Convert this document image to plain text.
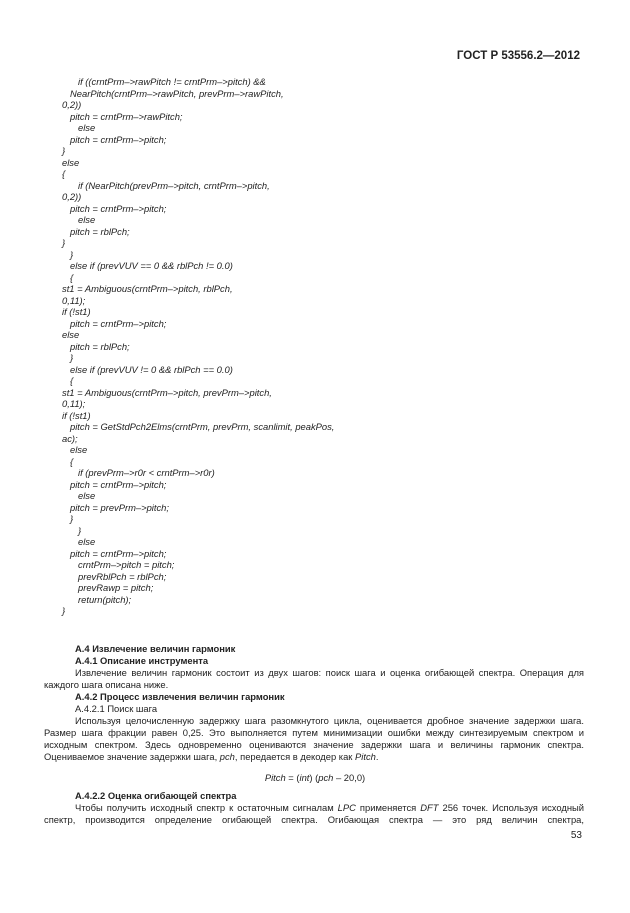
ГОСТ Р 53556.2—2012
if ((crntPrm–>rawPitch != crntPrm–>pitch) &&
NearPitch(crntPrm–>rawPitch, prevPrm–>rawPitch,
0,2))
pitch = crntPrm–>rawPitch;
else
pitch = crntPrm–>pitch;
}
else
{
if (NearPitch(prevPrm–>pitch, crntPrm–>pitch,
0,2))
pitch = crntPrm–>pitch;
else
pitch = rblPch;
}
}
else if (prevVUV == 0 && rblPch != 0.0)
{
st1 = Ambiguous(crntPrm–>pitch, rblPch,
0,11);
if (!st1)
pitch = crntPrm–>pitch;
else
pitch = rblPch;
}
else if (prevVUV != 0 && rblPch == 0.0)
{
st1 = Ambiguous(crntPrm–>pitch, prevPrm–>pitch,
0,11);
if (!st1)
pitch = GetStdPch2Elms(crntPrm, prevPrm, scanlimit, peakPos,
ac);
else
{
if (prevPrm–>r0r < crntPrm–>r0r)
pitch = crntPrm–>pitch;
else
pitch = prevPrm–>pitch;
}
}
else
pitch = crntPrm–>pitch;
crntPrm–>pitch = pitch;
prevRblPch = rblPch;
prevRawp = pitch;
return(pitch);
}
А.4 Извлечение величин гармоник
А.4.1 Описание инструмента
Извлечение величин гармоник состоит из двух шагов: поиск шага и оценка огибающей спектра. Операция для каждого шага описана ниже.
А.4.2 Процесс извлечения величин гармоник
А.4.2.1 Поиск шага
Используя целочисленную задержку шага разомкнутого цикла, оценивается дробное значение задержки шага. Размер шага фракции равен 0,25. Это выполняется путем минимизации ошибки между синтезируемым спектром и исходным спектром. Здесь одновременно оцениваются значение задержки шага и величины гармоник спектра. Оцениваемое значение задержки шага, pch, передается в декодер как Pitch.
Pitch = (int) (pch – 20,0)
А.4.2.2 Оценка огибающей спектра
Чтобы получить исходный спектр к остаточным сигналам LPC применяется DFT 256 точек. Используя исходный спектр, производится определение огибающей спектра. Огибающая спектра — это ряд величин спектра,
53
